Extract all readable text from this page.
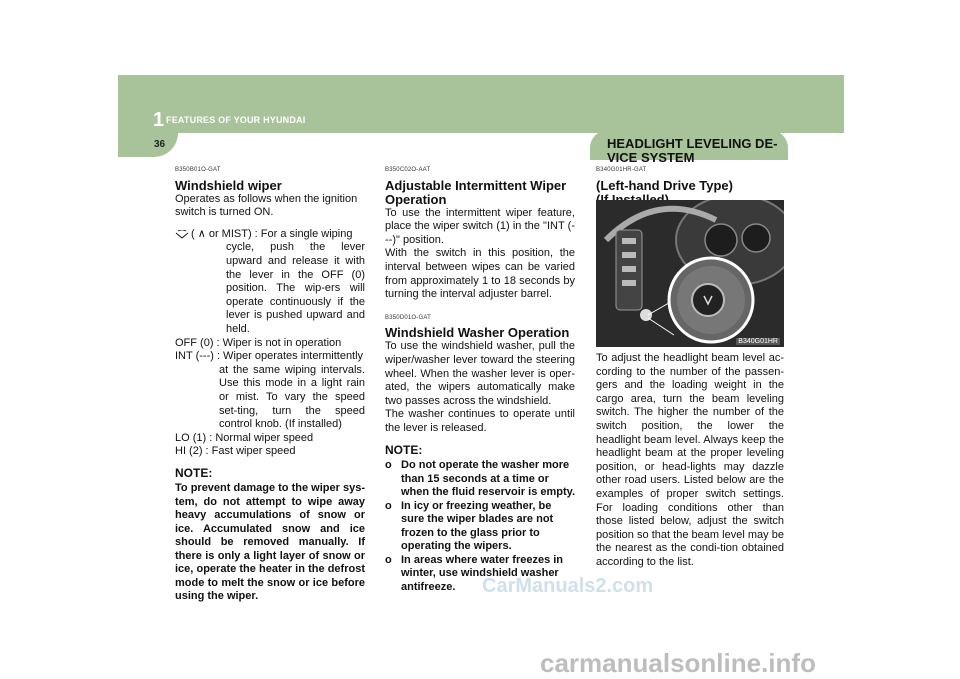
1 FEATURES OF YOUR HYUNDAI
36	HEADLIGHT LEVELING DE-VICE SYSTEM
B350B01O-GAT
Windshield wiper

Operates as follows when the ignition switch is turned ON.

( ∧ or MIST) : For a single wiping
cycle, push the lever upward and release it with the lever in the OFF (0) position. The wip-ers will operate continuously if the lever is pushed upward and held.
OFF (0) : Wiper is not in operation
INT (---) : Wiper operates intermittently
at the same wiping intervals. Use this mode in a light rain or mist. To vary the speed set-ting, turn the speed control knob. (If installed)
LO (1) : Normal wiper speed
HI (2) : Fast wiper speed
NOTE:
To prevent damage to the wiper sys-tem, do not attempt to wipe away heavy accumulations of snow or ice. Accumulated snow and ice should be removed manually. If there is only a light layer of snow or ice, operate the heater in the defrost mode to melt the snow or ice before using the wiper.
B350C02O-AAT
Adjustable Intermittent Wiper Operation

To use the intermittent wiper feature, place the wiper switch (1) in the "INT (---)" position.

With the switch in this position, the interval between wipes can be varied from approximately 1 to 18 seconds by turning the interval adjuster barrel.

B350D01O-GAT
Windshield Washer Operation

To use the windshield washer, pull the wiper/washer lever toward the steering wheel. When the washer lever is oper-ated, the wipers automatically make two passes across the windshield.

The washer continues to operate until the lever is released.

NOTE:
o Do not operate the washer more than 15 seconds at a time or when the fluid reservoir is empty.
o In icy or freezing weather, be sure the wiper blades are not frozen to the glass prior to operating the wipers.
o In areas where water freezes in winter, use windshield washer antifreeze.
B340G01HR-GAT
(Left-hand Drive Type)
B340G01HR

To adjust the headlight beam level ac-cording to the number of the passen-gers and the loading weight in the cargo area, turn the beam leveling switch. The higher the number of the switch position, the lower the headlight beam level. Always keep the headlight beam at the proper leveling position, or head-lights may dazzle other road users. Listed below are the examples of proper switch settings. For loading conditions other than those listed below, adjust the switch position so that the beam level may be the nearest as the condi-tion obtained according to the list.

CarManuals2.com
carmanualsonline.info
